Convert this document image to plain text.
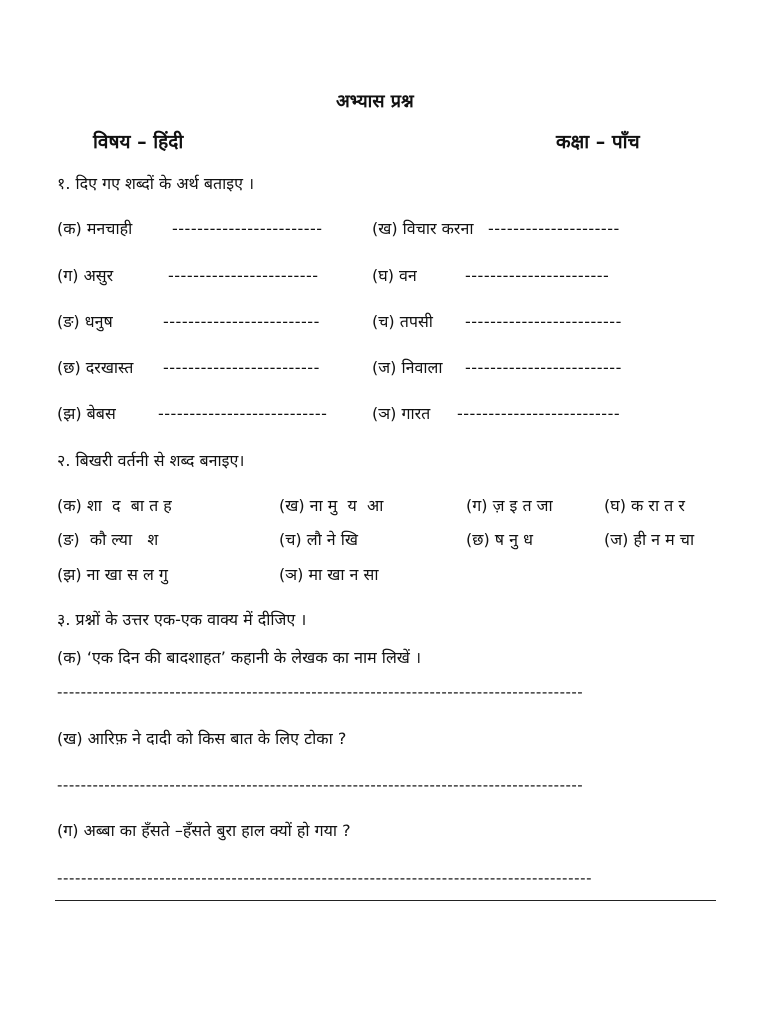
अभ्यास प्रश्न
विषय – हिंदी	कक्षा – पाँच
१. दिए गए शब्दों के अर्थ बताइए ।
(क) मनचाही ------------------------	(ख) विचार करना ---------------------
(ग) असुर	------------------------	(घ) वन	-----------------------
(ङ) धनुष	-------------------------	(च) तपसी -------------------------
(छ) दरखास्त -------------------------	(ज) निवाला -------------------------
(झ) बेबस	---------------------------	(ञ) गारत --------------------------
२. बिखरी वर्तनी से शब्द बनाइए।
(क) शा  द  बा त ह	(ख) ना मु  य  आ	(ग) ज़ इ त जा	(घ) क रा त र
(ङ)  कौ ल्या   श	(च) लौ ने खि	(छ) ष नु ध	(ज) ही न म चा
(झ) ना खा स ल गु	(ञ) मा खा न सा
३. प्रश्नों के उत्तर एक-एक वाक्य में दीजिए ।
(क) ‘एक दिन की बादशाहत’ कहानी के लेखक का नाम लिखें ।
-----------------------------------------------------------------------------------------
(ख) आरिफ़ ने दादी को किस बात के लिए टोका ?
-----------------------------------------------------------------------------------------
(ग) अब्बा का हँसते –हँसते बुरा हाल क्यों हो गया ?
-----------------------------------------------------------------------------------------
